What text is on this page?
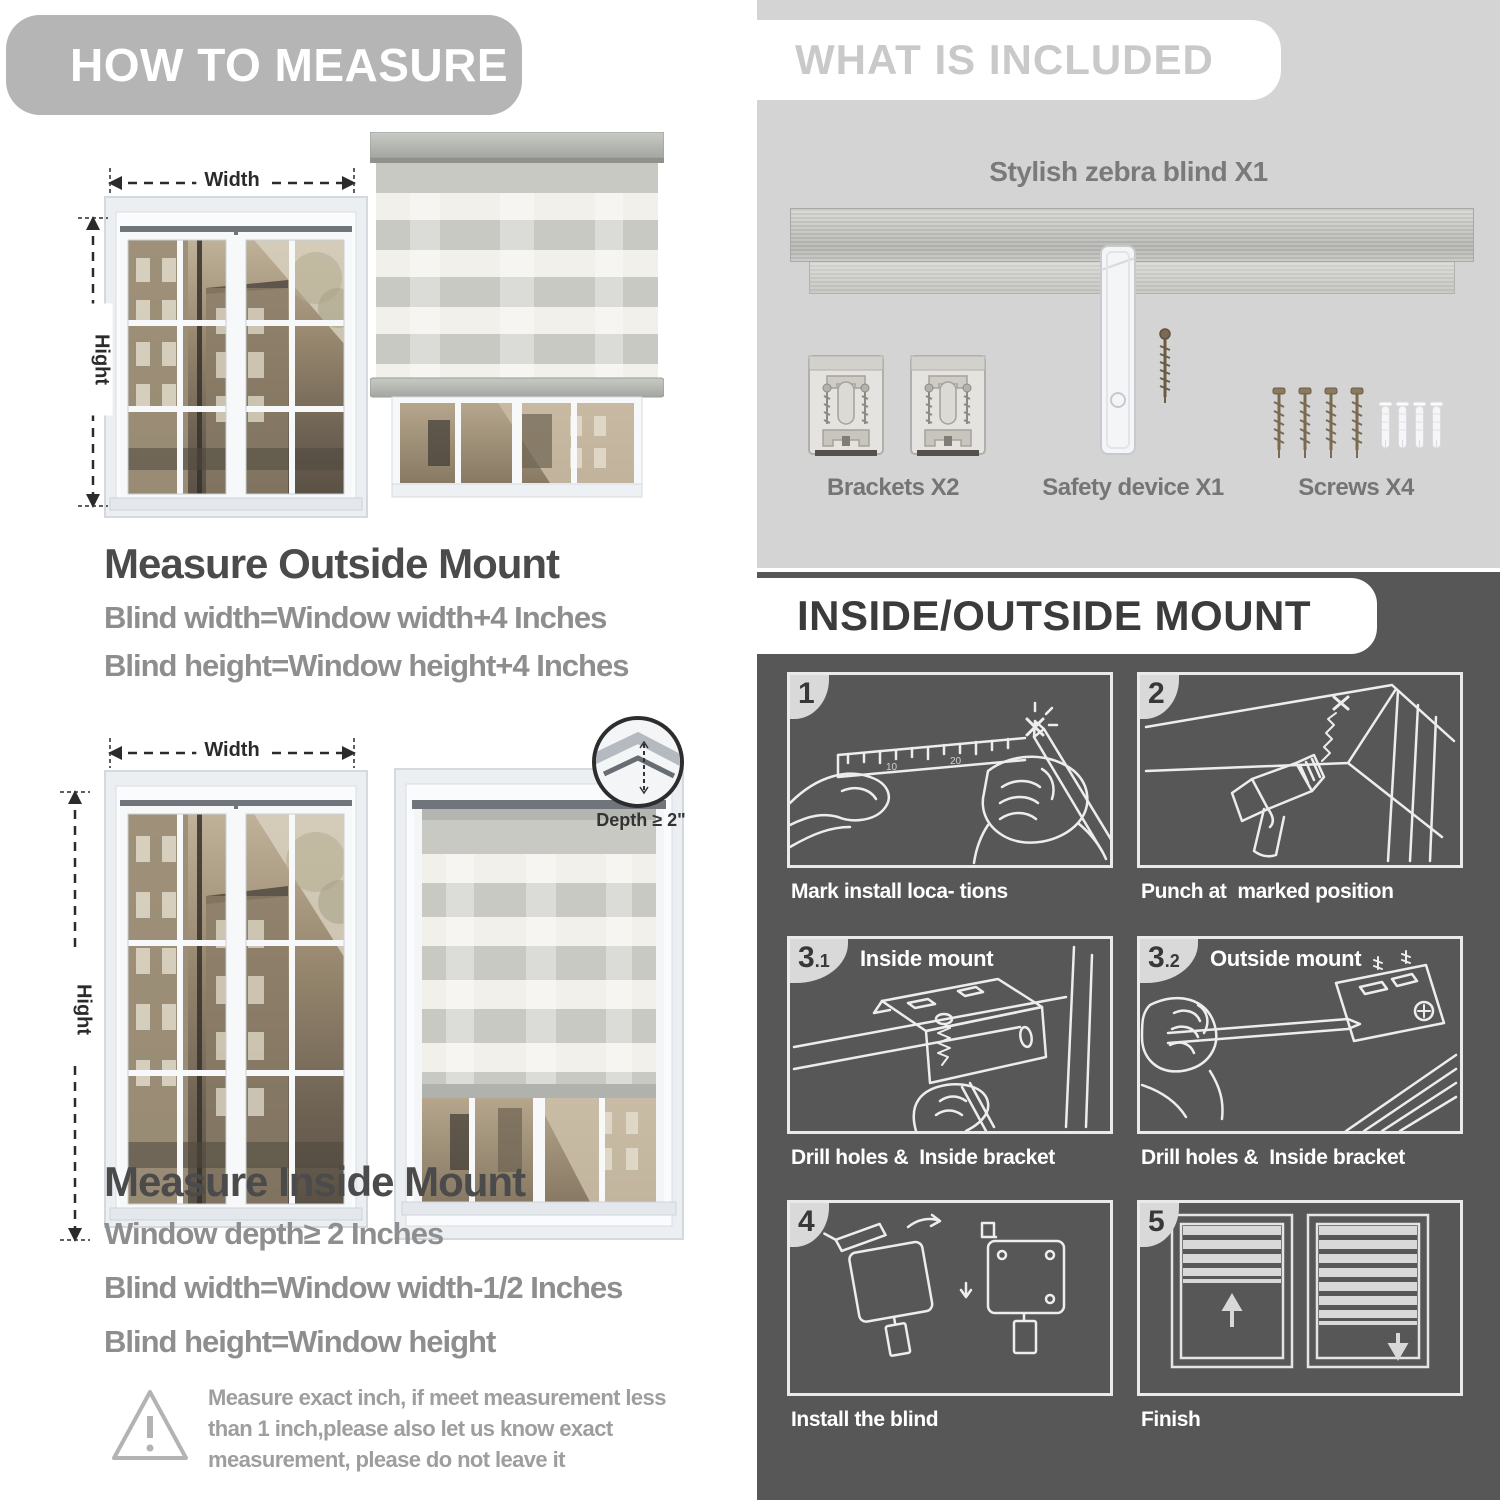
HOW TO MEASURE
Width
Hight
Measure Outside Mount
Blind width=Window width+4 Inches
Blind height=Window height+4 Inches
Width
Hight
Depth ≥ 2"
Measure Inside Mount
Window depth≥ 2 Inches
Blind width=Window width-1/2 Inches
Blind height=Window height
Measure exact inch, if meet measurement less than 1 inch,please also let us know exact measurement, please do not leave it
WHAT IS INCLUDED
Stylish zebra blind X1
Brackets X2	Safety device X1	Screws X4
INSIDE/OUTSIDE MOUNT
10
20
1
Mark install loca- tions
2
Punch at  marked position
3.1	Inside mount
Drill holes &  Inside bracket
3.2	Outside mount
Drill holes &  Inside bracket
4
Install the blind
5
Finish
